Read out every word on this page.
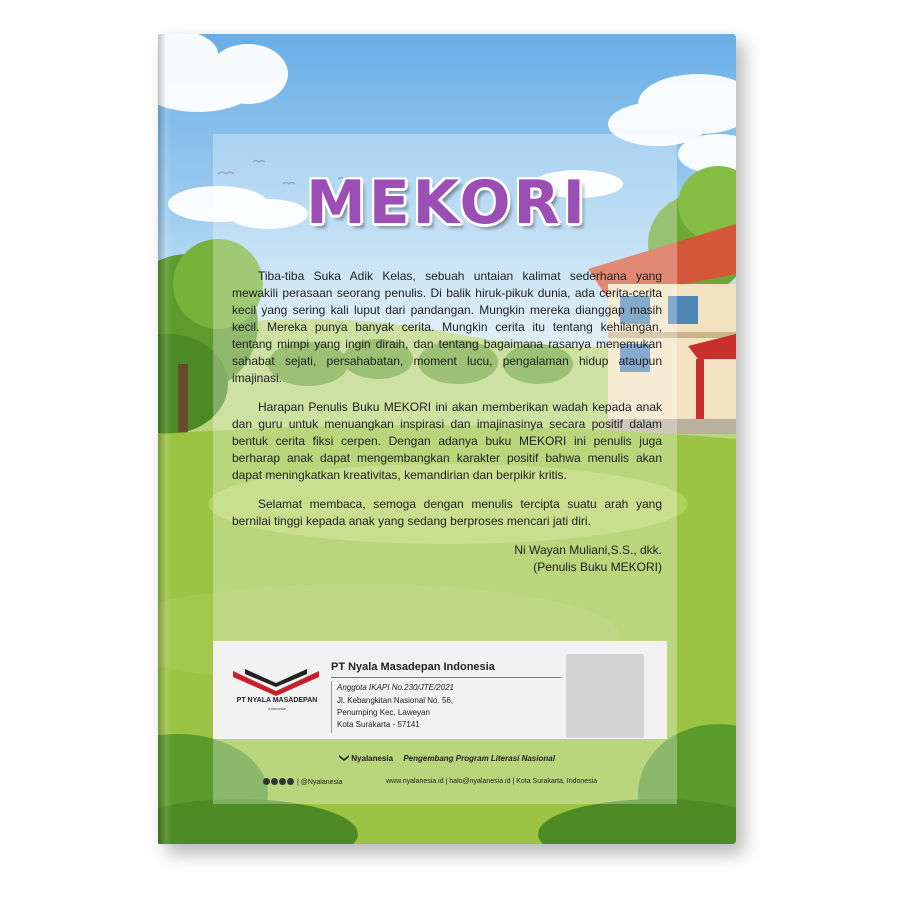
MEKORI

Tiba-tiba Suka Adik Kelas, sebuah untaian kalimat sederhana yang mewakili perasaan seorang penulis. Di balik hiruk-pikuk dunia, ada cerita-cerita kecil yang sering kali luput dari pandangan. Mungkin mereka dianggap masih kecil. Mereka punya banyak cerita. Mungkin cerita itu tentang kehilangan, tentang mimpi yang ingin diraih, dan tentang bagaimana rasanya menemukan sahabat sejati, persahabatan, moment lucu, pengalaman hidup ataupun imajinasi.

Harapan Penulis Buku MEKORI ini akan memberikan wadah kepada anak dan guru untuk menuangkan inspirasi dan imajinasinya secara positif dalam bentuk cerita fiksi cerpen. Dengan adanya buku MEKORI ini penulis juga berharap anak dapat mengembangkan karakter positif bahwa menulis akan dapat meningkatkan kreativitas, kemandirian dan berpikir kritis.

Selamat membaca, semoga dengan menulis tercipta suatu arah yang bernilai tinggi kepada anak yang sedang berproses mencari jati diri.

Ni Wayan Muliani,S.S., dkk.
(Penulis Buku MEKORI)
PT NYALA MASADEPAN
Indonesia
PT Nyala Masadepan Indonesia
Anggota IKAPI No.230/JTE/2021
Jl. Kebangkitan Nasional No. 56,
Penumping Kec. Laweyan
Kota Surakarta - 57141
Nyalanesia Pengembang Program Literasi Nasional
| @Nyalanesia	www.nyalanesia.id | halo@nyalanesia.id | Kota Surakarta, Indonesia
